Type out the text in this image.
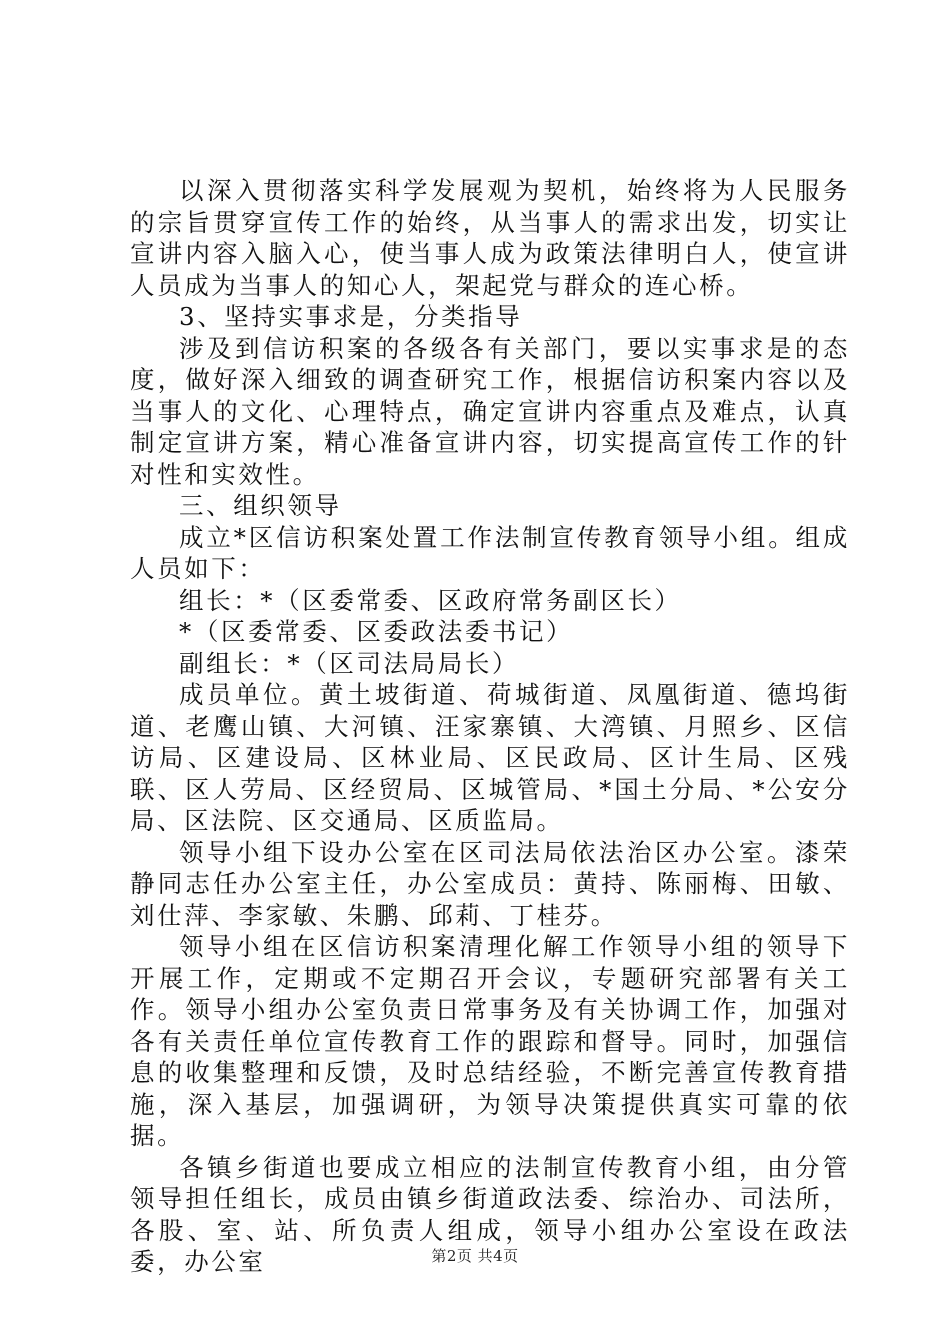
以深入贯彻落实科学发展观为契机，始终将为人民服务的宗旨贯穿宣传工作的始终，从当事人的需求出发，切实让宣讲内容入脑入心，使当事人成为政策法律明白人，使宣讲人员成为当事人的知心人，架起党与群众的连心桥。

3、坚持实事求是，分类指导

涉及到信访积案的各级各有关部门，要以实事求是的态度，做好深入细致的调查研究工作，根据信访积案内容以及当事人的文化、心理特点，确定宣讲内容重点及难点，认真制定宣讲方案，精心准备宣讲内容，切实提高宣传工作的针对性和实效性。

三、组织领导

成立*区信访积案处置工作法制宣传教育领导小组。组成人员如下：

组长：*（区委常委、区政府常务副区长）

*（区委常委、区委政法委书记）

副组长：*（区司法局局长）

成员单位。黄土坡街道、荷城街道、凤凰街道、德坞街道、老鹰山镇、大河镇、汪家寨镇、大湾镇、月照乡、区信访局、区建设局、区林业局、区民政局、区计生局、区残联、区人劳局、区经贸局、区城管局、*国土分局、*公安分局、区法院、区交通局、区质监局。

领导小组下设办公室在区司法局依法治区办公室。漆荣静同志任办公室主任，办公室成员：黄持、陈丽梅、田敏、刘仕萍、李家敏、朱鹏、邱莉、丁桂芬。

领导小组在区信访积案清理化解工作领导小组的领导下开展工作，定期或不定期召开会议，专题研究部署有关工作。领导小组办公室负责日常事务及有关协调工作，加强对各有关责任单位宣传教育工作的跟踪和督导。同时，加强信息的收集整理和反馈，及时总结经验，不断完善宣传教育措施，深入基层，加强调研，为领导决策提供真实可靠的依据。

各镇乡街道也要成立相应的法制宣传教育小组，由分管领导担任组长，成员由镇乡街道政法委、综治办、司法所，各股、室、站、所负责人组成，领导小组办公室设在政法委，办公室	第2页 共4页
